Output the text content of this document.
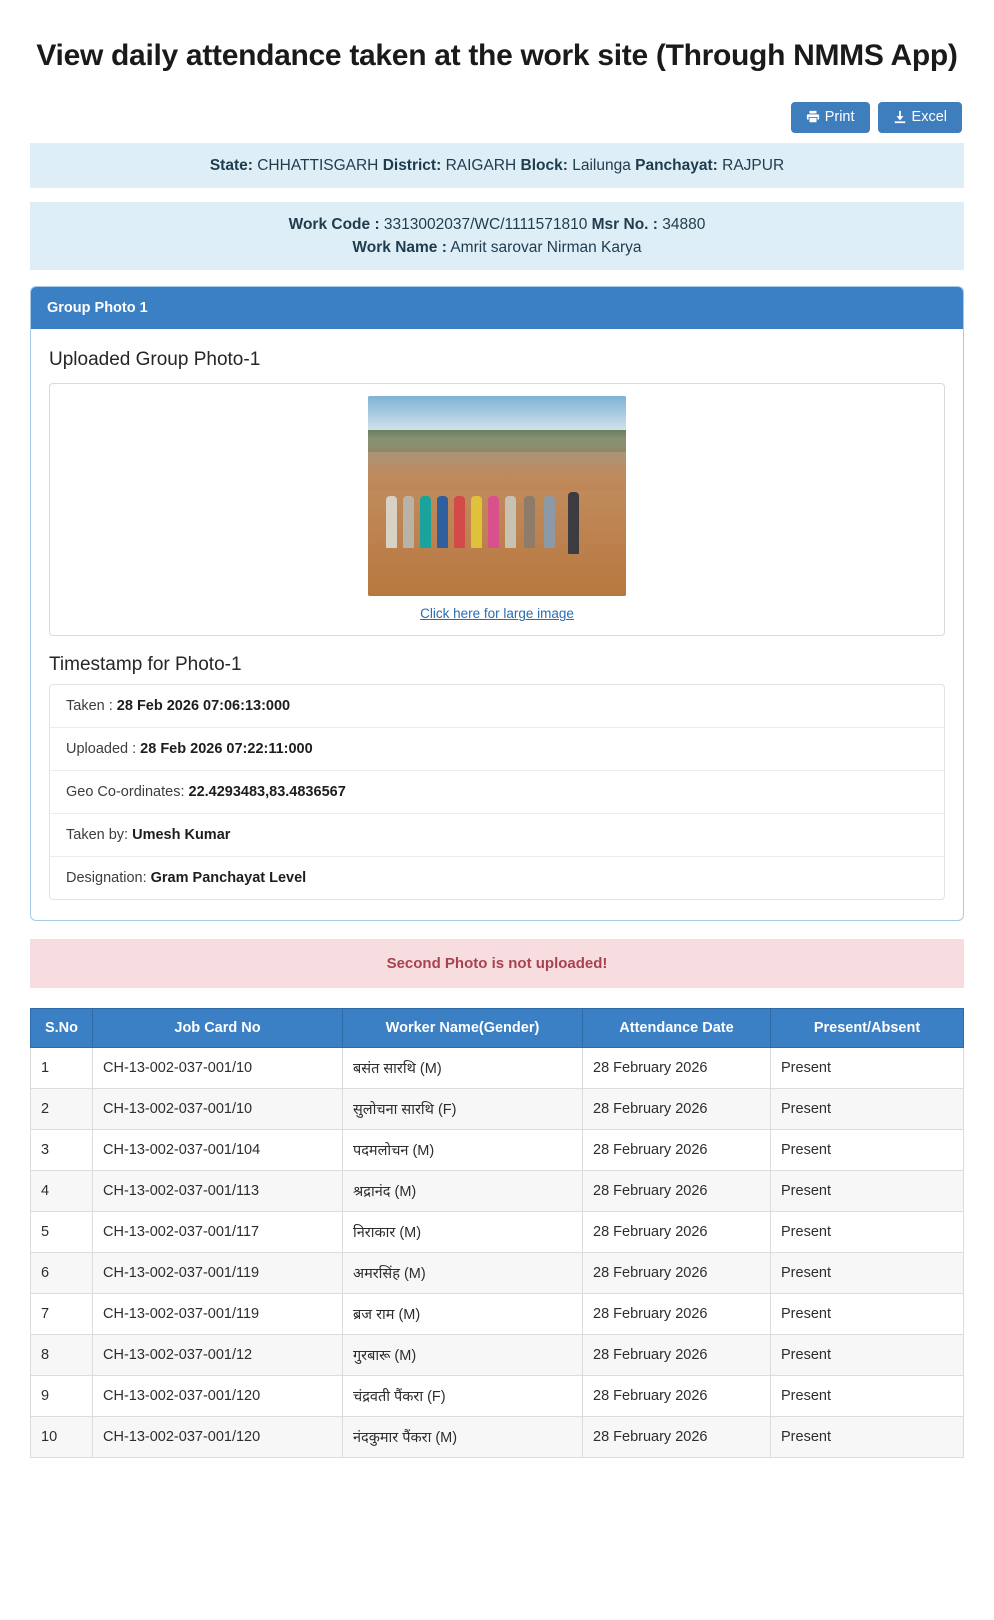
View daily attendance taken at the work site (Through NMMS App)
Print	Excel
State: CHHATTISGARH District: RAIGARH Block: Lailunga Panchayat: RAJPUR
Work Code : 3313002037/WC/1111571810 Msr No. : 34880
Work Name : Amrit sarovar Nirman Karya
Group Photo 1
Uploaded Group Photo-1
Click here for large image
Timestamp for Photo-1
Taken : 28 Feb 2026 07:06:13:000
Uploaded : 28 Feb 2026 07:22:11:000
Geo Co-ordinates: 22.4293483,83.4836567
Taken by: Umesh Kumar
Designation: Gram Panchayat Level
Second Photo is not uploaded!
S.No	Job Card No	Worker Name(Gender)	Attendance Date	Present/Absent
1	CH-13-002-037-001/10	बसंत सारथि (M)	28 February 2026	Present
2	CH-13-002-037-001/10	सुलोचना सारथि (F)	28 February 2026	Present
3	CH-13-002-037-001/104	पदमलोचन (M)	28 February 2026	Present
4	CH-13-002-037-001/113	श्रद्रानंद (M)	28 February 2026	Present
5	CH-13-002-037-001/117	निराकार (M)	28 February 2026	Present
6	CH-13-002-037-001/119	अमरसिंह (M)	28 February 2026	Present
7	CH-13-002-037-001/119	ब्रज राम (M)	28 February 2026	Present
8	CH-13-002-037-001/12	गुरबारू (M)	28 February 2026	Present
9	CH-13-002-037-001/120	चंद्रवती पैंकरा (F)	28 February 2026	Present
10	CH-13-002-037-001/120	नंदकुमार पैंकरा (M)	28 February 2026	Present
